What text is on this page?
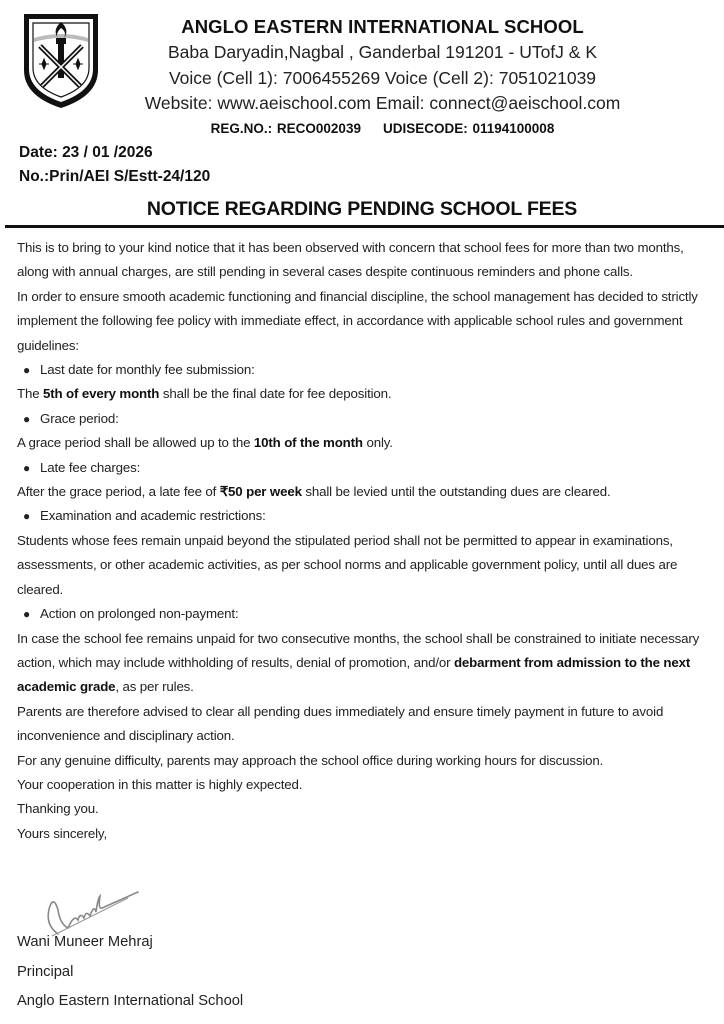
ANGLO EASTERN INTERNATIONAL SCHOOL
Baba Daryadin,Nagbal , Ganderbal 191201 - UTofJ & K
Voice (Cell 1): 7006455269 Voice (Cell 2): 7051021039
Website: www.aeischool.com Email: connect@aeischool.com
REG.NO.: RECO002039 UDISECODE: 01194100008
Date: 23 / 01 /2026
No.:Prin/AEI S/Estt-24/120
NOTICE REGARDING PENDING SCHOOL FEES

This is to bring to your kind notice that it has been observed with concern that school fees for more than two months, along with annual charges, are still pending in several cases despite continuous reminders and phone calls.

In order to ensure smooth academic functioning and financial discipline, the school management has decided to strictly implement the following fee policy with immediate effect, in accordance with applicable school rules and government guidelines:

● Last date for monthly fee submission:

The 5th of every month shall be the final date for fee deposition.

● Grace period:

A grace period shall be allowed up to the 10th of the month only.

● Late fee charges:

After the grace period, a late fee of ₹50 per week shall be levied until the outstanding dues are cleared.

● Examination and academic restrictions:

Students whose fees remain unpaid beyond the stipulated period shall not be permitted to appear in examinations, assessments, or other academic activities, as per school norms and applicable government policy, until all dues are cleared.

● Action on prolonged non-payment:

In case the school fee remains unpaid for two consecutive months, the school shall be constrained to initiate necessary action, which may include withholding of results, denial of promotion, and/or debarment from admission to the next academic grade, as per rules.

Parents are therefore advised to clear all pending dues immediately and ensure timely payment in future to avoid inconvenience and disciplinary action.

For any genuine difficulty, parents may approach the school office during working hours for discussion.

Your cooperation in this matter is highly expected.

Thanking you.

Yours sincerely,

Wani Muneer Mehraj
Principal
Anglo Eastern International School
